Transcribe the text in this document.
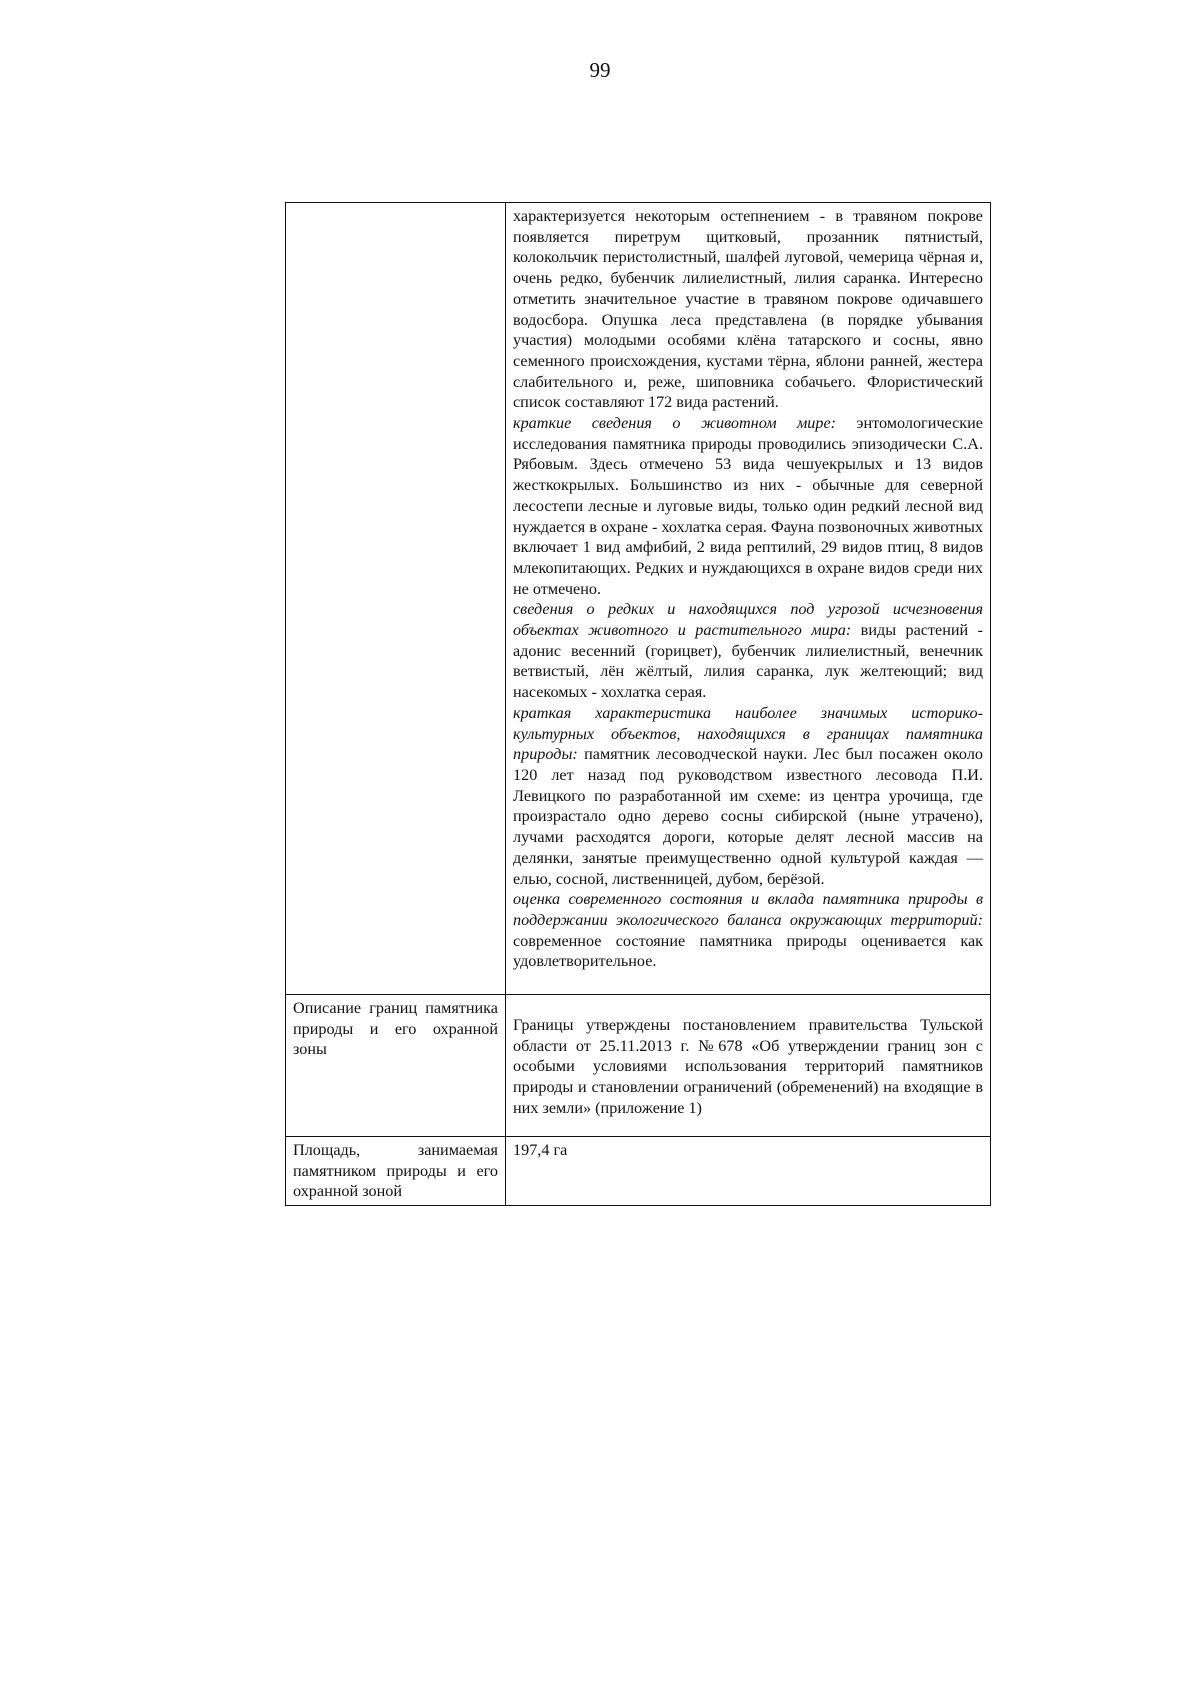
99

	характеризуется некоторым остепнением - в травяном покрове появляется пиретрум щитковый, прозанник пятнистый, колокольчик перистолистный, шалфей луговой, чемерица чёрная и, очень редко, бубенчик лилиелистный, лилия саранка. Интересно отметить значительное участие в травяном покрове одичавшего водосбора. Опушка леса представлена (в порядке убывания участия) молодыми особями клёна татарского и сосны, явно семенного происхождения, кустами тёрна, яблони ранней, жестера слабительного и, реже, шиповника собачьего. Флористический список составляют 172 вида растений.

краткие сведения о животном мире: энтомологические исследования памятника природы проводились эпизодически С.А. Рябовым. Здесь отмечено 53 вида чешуекрылых и 13 видов жесткокрылых. Большинство из них - обычные для северной лесостепи лесные и луговые виды, только один редкий лесной вид нуждается в охране - хохлатка серая. Фауна позвоночных животных включает 1 вид амфибий, 2 вида рептилий, 29 видов птиц, 8 видов млекопитающих. Редких и нуждающихся в охране видов среди них не отмечено.

сведения о редких и находящихся под угрозой исчезновения объектах животного и растительного мира: виды растений - адонис весенний (горицвет), бубенчик лилиелистный, венечник ветвистый, лён жёлтый, лилия саранка, лук желтеющий; вид насекомых - хохлатка серая.

краткая характеристика наиболее значимых историко-культурных объектов, находящихся в границах памятника природы: памятник лесоводческой науки. Лес был посажен около 120 лет назад под руководством известного лесовода П.И. Левицкого по разработанной им схеме: из центра урочища, где произрастало одно дерево сосны сибирской (ныне утрачено), лучами расходятся дороги, которые делят лесной массив на делянки, занятые преимущественно одной культурой каждая — елью, сосной, лиственницей, дубом, берёзой.

оценка современного состояния и вклада памятника природы в поддержании экологического баланса окружающих территорий: современное состояние памятника природы оценивается как удовлетворительное.

Описание границ памятника природы и его охранной зоны	Границы утверждены постановлением правительства Тульской области от 25.11.2013 г. №678 «Об утверждении границ зон с особыми условиями использования территорий памятников природы и становлении ограничений (обременений) на входящие в них земли» (приложение 1)

Площадь, занимаемая памятником природы и его охранной зоной	197,4 га
